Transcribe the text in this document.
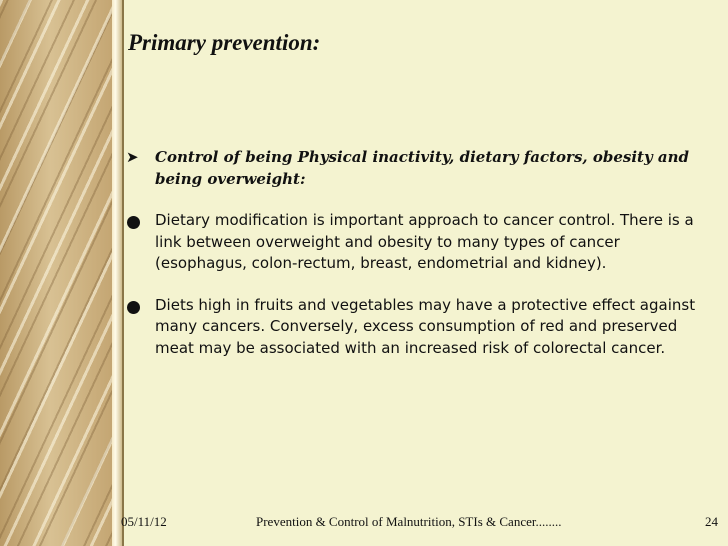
Primary prevention:
➤ Control of being Physical inactivity, dietary factors, obesity and being overweight:
Dietary modification is important approach to cancer control. There is a link between overweight and obesity to many types of cancer (esophagus, colon-rectum, breast, endometrial and kidney).
Diets high in fruits and vegetables may have a protective effect against many cancers. Conversely, excess consumption of red and preserved meat may be associated with an increased risk of colorectal cancer.
05/11/12	Prevention & Control of Malnutrition, STIs & Cancer........	24
